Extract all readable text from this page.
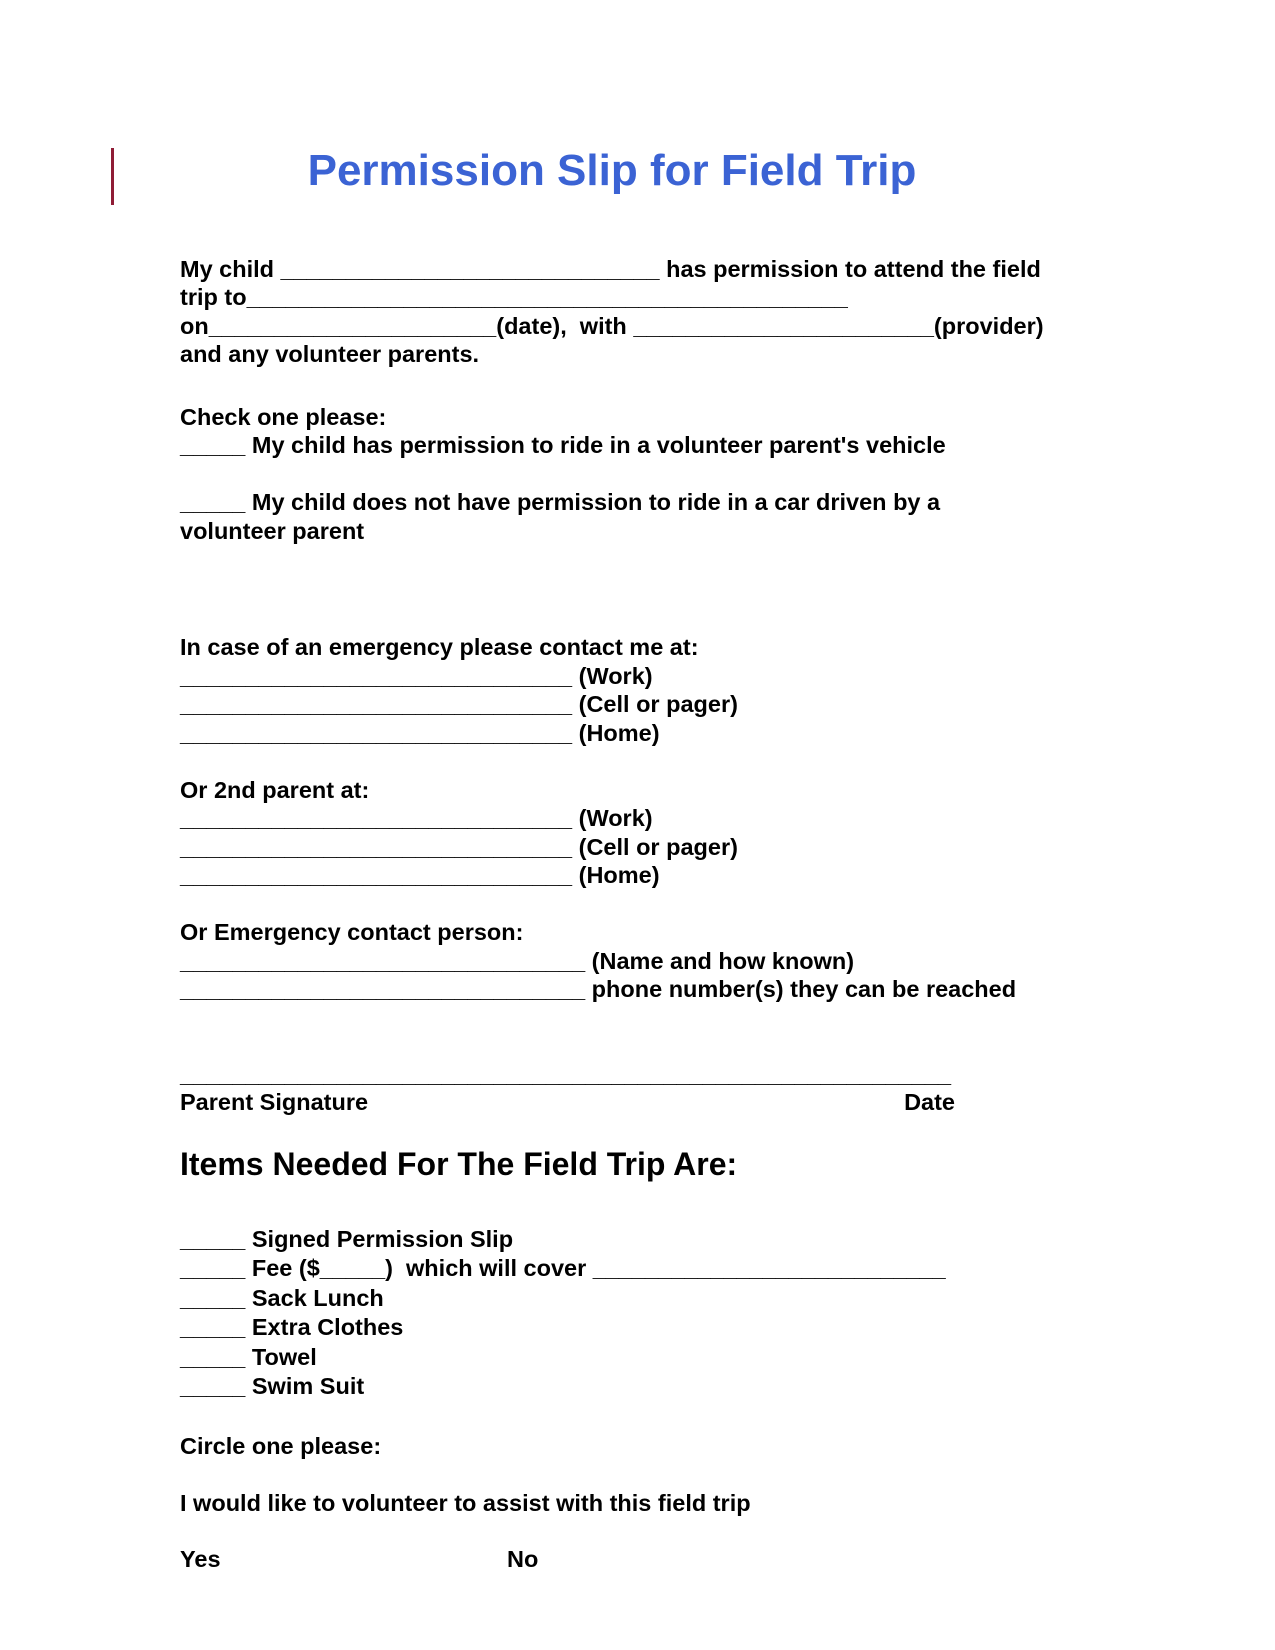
Permission Slip for Field Trip
My child _____________________________ has permission to attend the field
trip to______________________________________________
on______________________(date),  with _______________________(provider)
and any volunteer parents.
Check one please:
_____ My child has permission to ride in a volunteer parent's vehicle
_____ My child does not have permission to ride in a car driven by a
volunteer parent
In case of an emergency please contact me at:
______________________________ (Work)
______________________________ (Cell or pager)
______________________________ (Home)
Or 2nd parent at:
______________________________ (Work)
______________________________ (Cell or pager)
______________________________ (Home)
Or Emergency contact person:
_______________________________ (Name and how known)
_______________________________ phone number(s) they can be reached
___________________________________________________________
Parent Signature	Date
Items Needed For The Field Trip Are:
_____ Signed Permission Slip
_____ Fee ($_____)  which will cover ___________________________
_____ Sack Lunch
_____ Extra Clothes
_____ Towel
_____ Swim Suit
Circle one please:
I would like to volunteer to assist with this field trip
Yes	No
